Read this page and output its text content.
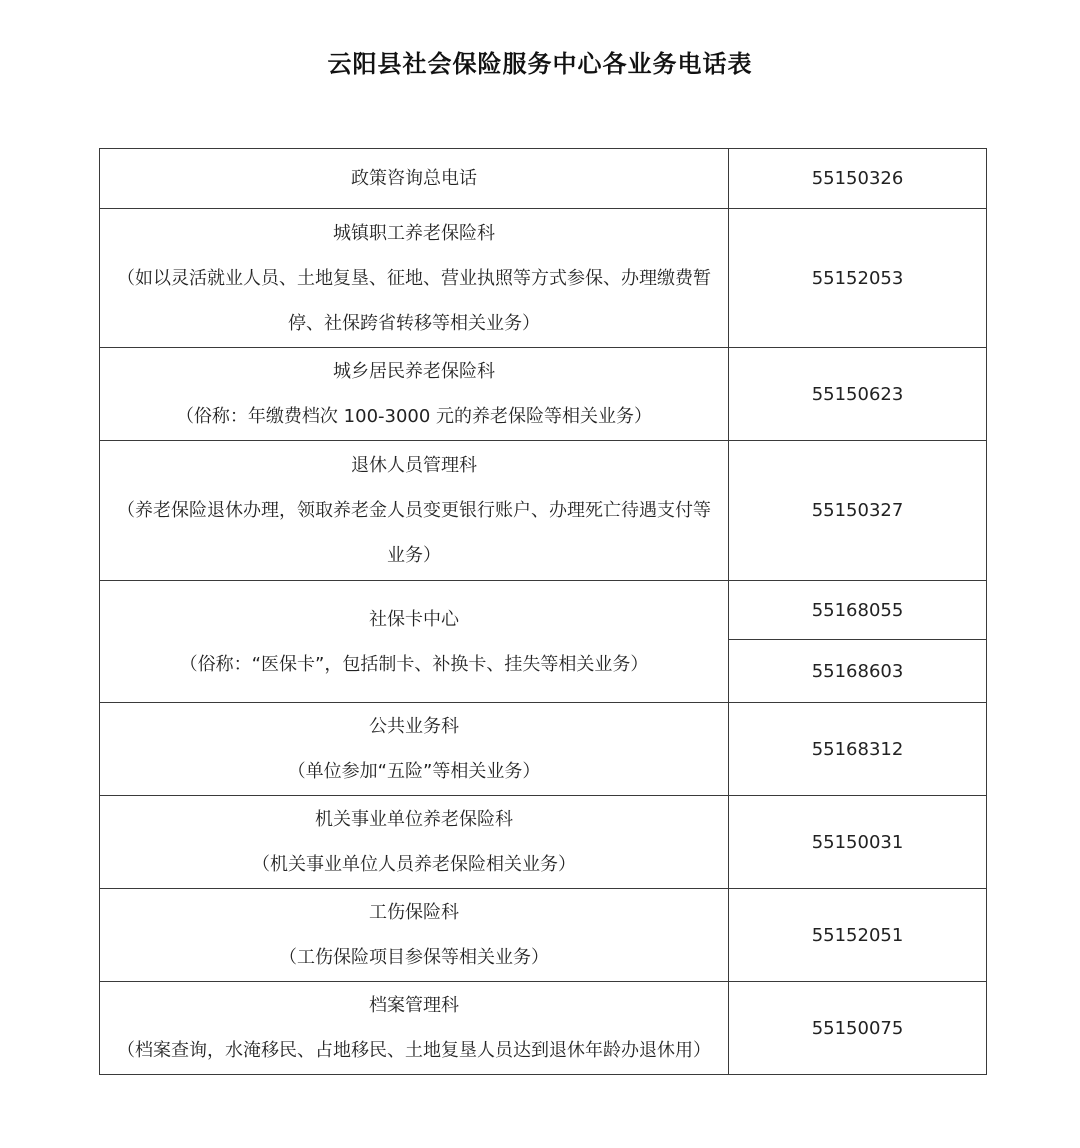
云阳县社会保险服务中心各业务电话表
政策咨询总电话	55150326

城镇职工养老保险科
（如以灵活就业人员、土地复垦、征地、营业执照等方式参保、办理缴费暂
停、社保跨省转移等相关业务）	55152053

城乡居民养老保险科
（俗称：年缴费档次 100-3000 元的养老保险等相关业务）	55150623

退休人员管理科
（养老保险退休办理，领取养老金人员变更银行账户、办理死亡待遇支付等
业务）	55150327

社保卡中心
（俗称：“医保卡”，包括制卡、补换卡、挂失等相关业务）	55168055
	55168603

公共业务科
（单位参加“五险”等相关业务）	55168312

机关事业单位养老保险科
（机关事业单位人员养老保险相关业务）	55150031

工伤保险科
（工伤保险项目参保等相关业务）	55152051

档案管理科
（档案查询，水淹移民、占地移民、土地复垦人员达到退休年龄办退休用）	55150075
